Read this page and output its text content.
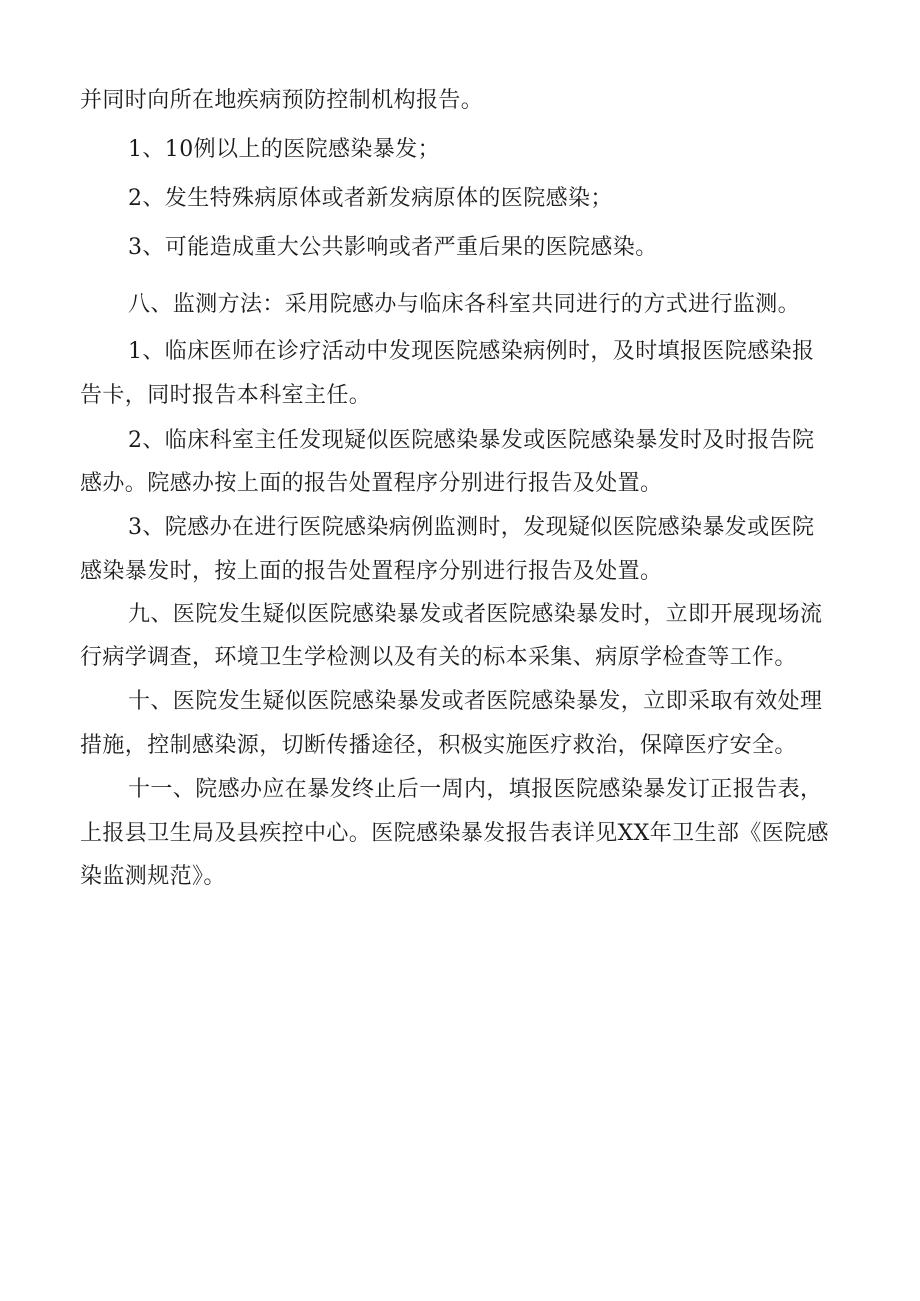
并同时向所在地疾病预防控制机构报告。
1、10例以上的医院感染暴发；
2、发生特殊病原体或者新发病原体的医院感染；
3、可能造成重大公共影响或者严重后果的医院感染。
八、监测方法：采用院感办与临床各科室共同进行的方式进行监测。
1、临床医师在诊疗活动中发现医院感染病例时，及时填报医院感染报
告卡，同时报告本科室主任。
2、临床科室主任发现疑似医院感染暴发或医院感染暴发时及时报告院
感办。院感办按上面的报告处置程序分别进行报告及处置。
3、院感办在进行医院感染病例监测时，发现疑似医院感染暴发或医院
感染暴发时，按上面的报告处置程序分别进行报告及处置。
九、医院发生疑似医院感染暴发或者医院感染暴发时，立即开展现场流
行病学调查，环境卫生学检测以及有关的标本采集、病原学检查等工作。
十、医院发生疑似医院感染暴发或者医院感染暴发，立即采取有效处理
措施，控制感染源，切断传播途径，积极实施医疗救治，保障医疗安全。
十一、院感办应在暴发终止后一周内，填报医院感染暴发订正报告表，
上报县卫生局及县疾控中心。医院感染暴发报告表详见XX年卫生部《医院感
染监测规范》。
